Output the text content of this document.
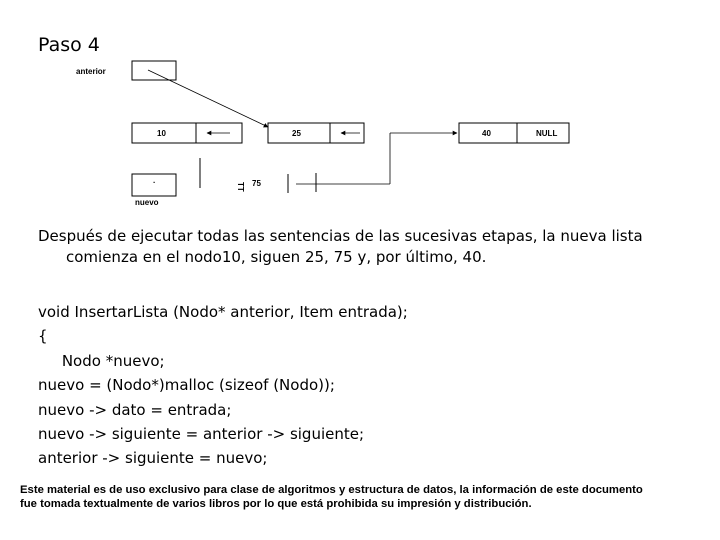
Paso 4
anterior
10	25	40	NULL
.
nuevo
TT 75
Después de ejecutar todas las sentencias de las sucesivas etapas, la nueva lista
comienza en el nodo10, siguen 25, 75 y, por último, 40.
void InsertarLista (Nodo* anterior, Item entrada);
{
Nodo *nuevo;
nuevo = (Nodo*)malloc (sizeof (Nodo));
nuevo -> dato = entrada;
nuevo -> siguiente = anterior -> siguiente;
anterior -> siguiente = nuevo;
Este material es de uso exclusivo para clase de algoritmos y estructura de datos, la información de este documento
fue tomada textualmente de varios libros por lo que está prohibida su impresión y distribución.
